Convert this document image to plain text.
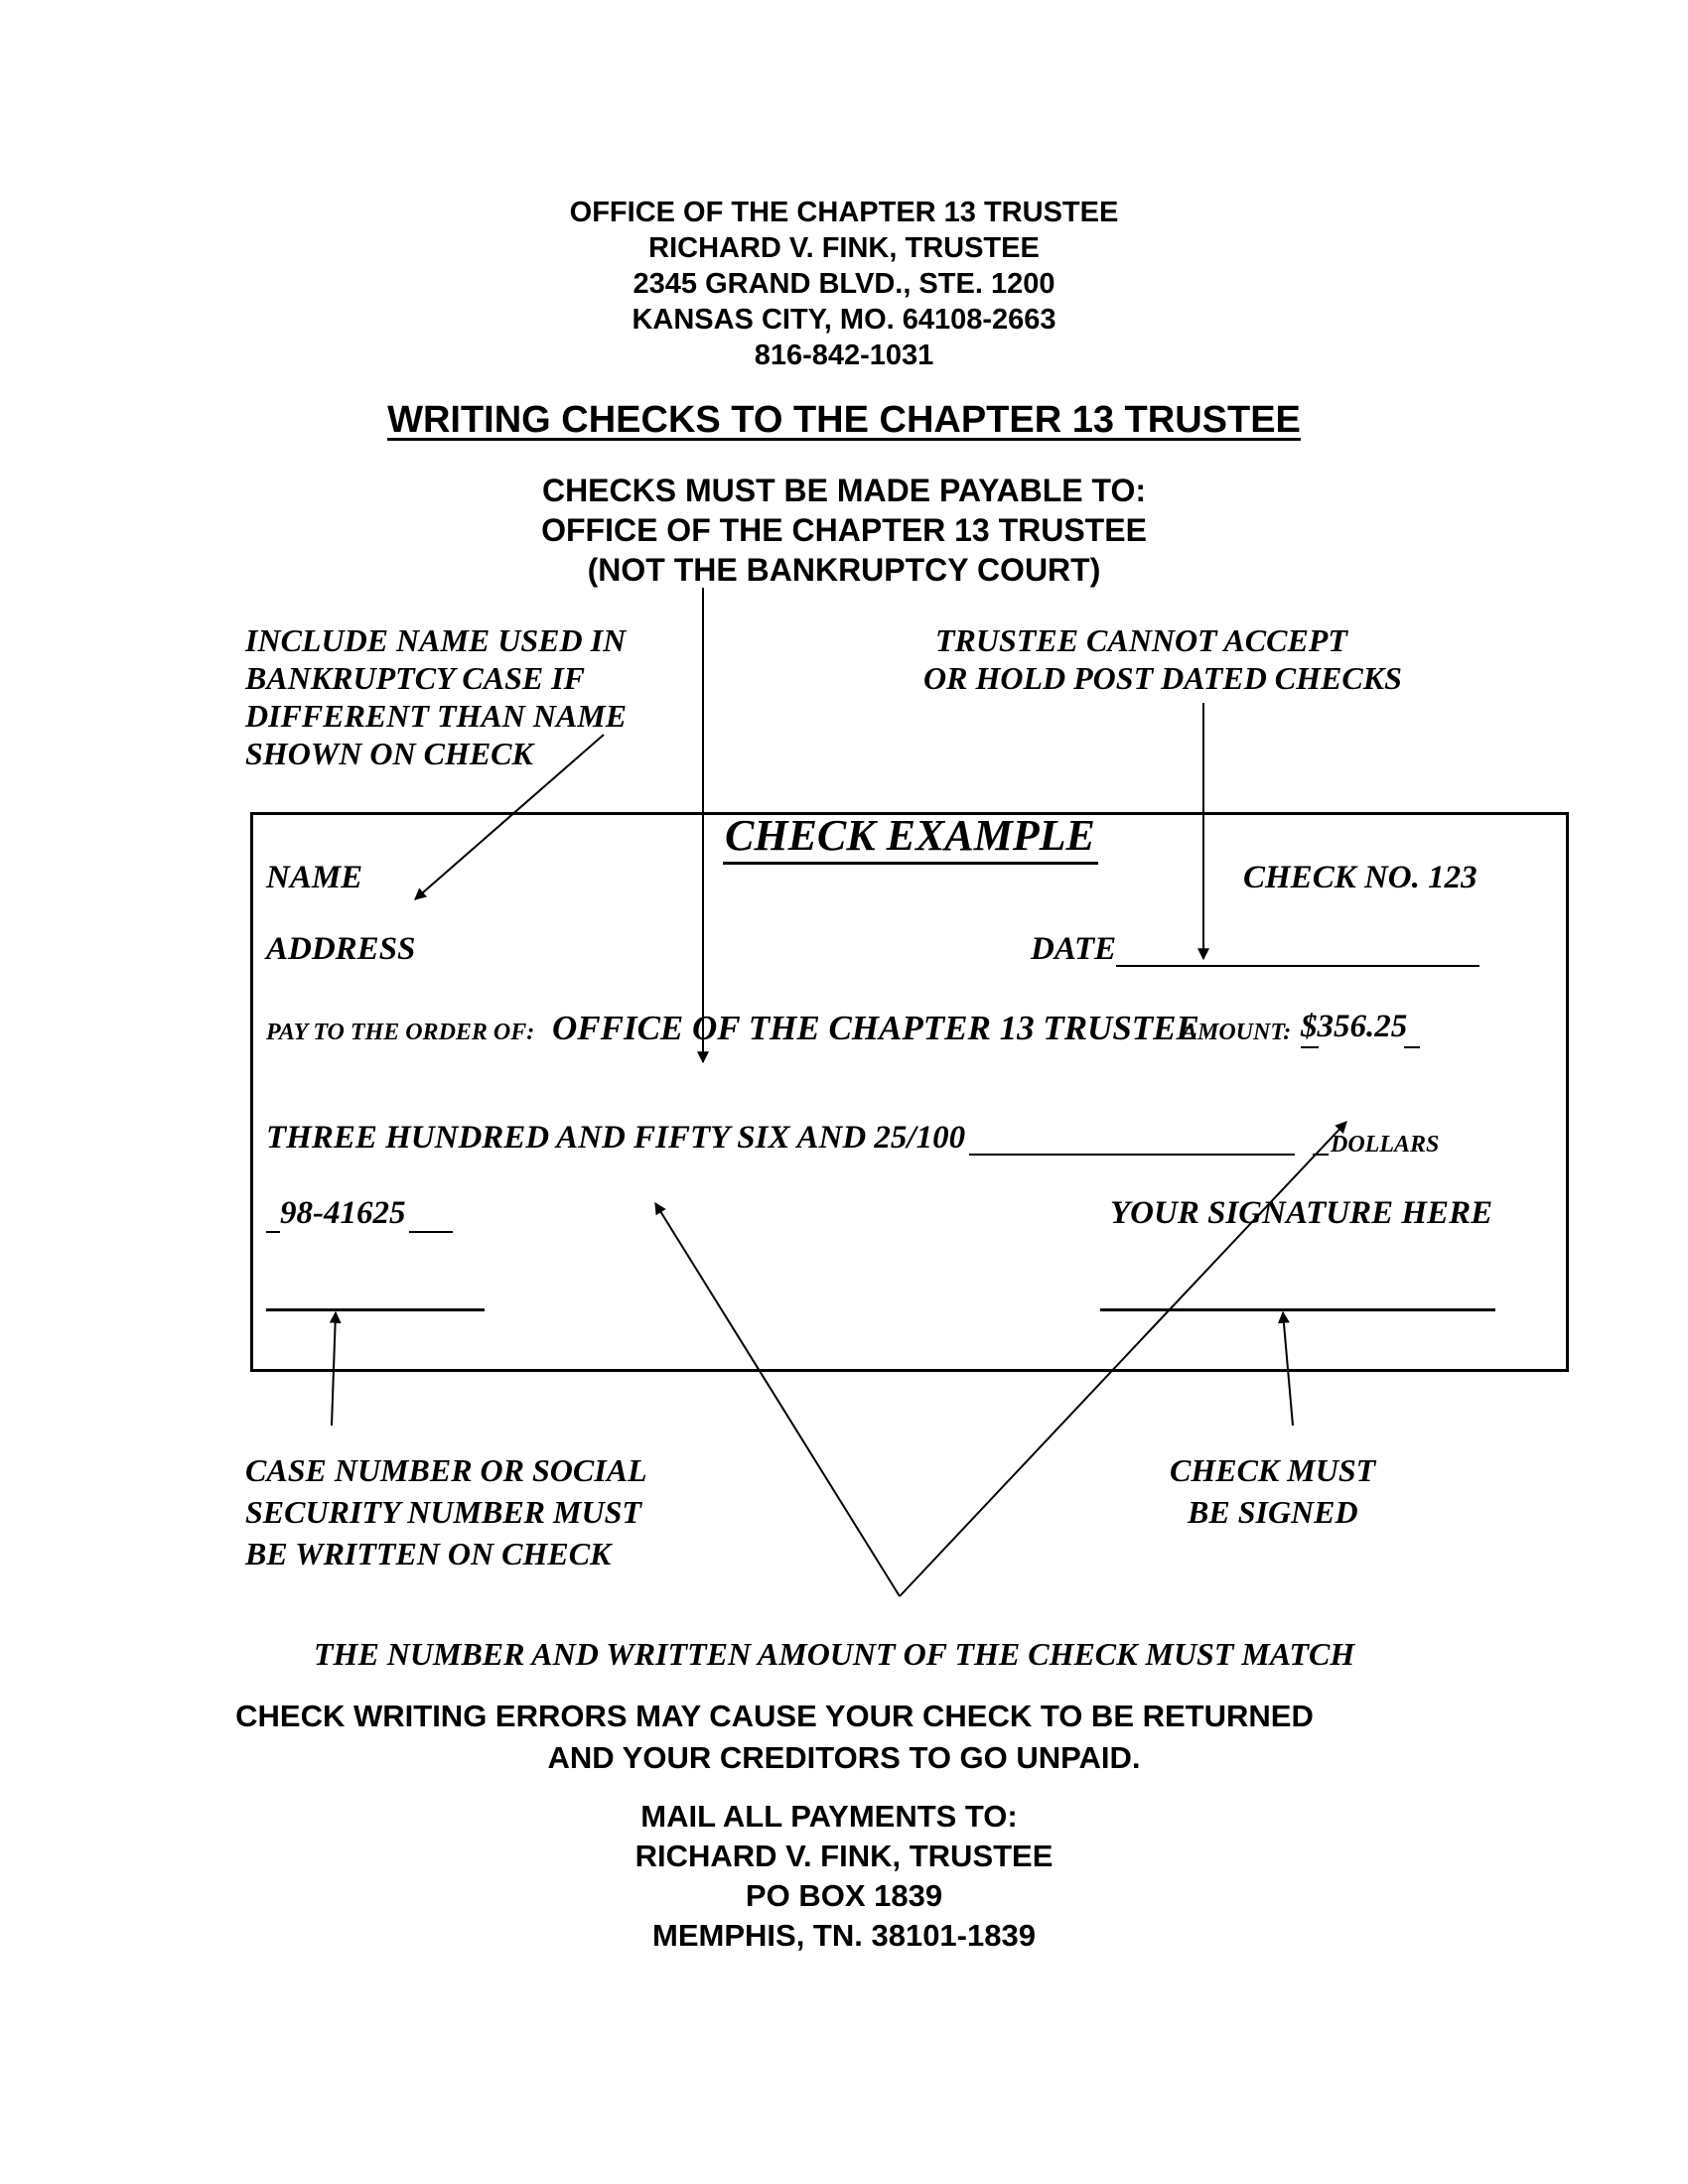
OFFICE OF THE CHAPTER 13 TRUSTEE
RICHARD V. FINK, TRUSTEE
2345 GRAND BLVD., STE. 1200
KANSAS CITY, MO. 64108-2663
816-842-1031
WRITING CHECKS TO THE CHAPTER 13 TRUSTEE
CHECKS MUST BE MADE PAYABLE TO:
OFFICE OF THE CHAPTER 13 TRUSTEE
(NOT THE BANKRUPTCY COURT)
INCLUDE NAME USED IN
BANKRUPTCY CASE IF
DIFFERENT THAN NAME
SHOWN ON CHECK
TRUSTEE CANNOT ACCEPT
OR HOLD POST DATED CHECKS
CHECK EXAMPLE
NAME	CHECK NO. 123
ADDRESS	DATE
PAY TO THE ORDER OF: OFFICE OF THE CHAPTER 13 TRUSTEE
AMOUNT: $356.25
THREE HUNDRED AND FIFTY SIX AND 25/100	DOLLARS
98-41625	YOUR SIGNATURE HERE
CASE NUMBER OR SOCIAL
SECURITY NUMBER MUST
BE WRITTEN ON CHECK
CHECK MUST
BE SIGNED
THE NUMBER AND WRITTEN AMOUNT OF THE CHECK MUST MATCH
CHECK WRITING ERRORS MAY CAUSE YOUR CHECK TO BE RETURNED
AND YOUR CREDITORS TO GO UNPAID.
MAIL ALL PAYMENTS TO:
RICHARD V. FINK, TRUSTEE
PO BOX 1839
MEMPHIS, TN. 38101-1839
